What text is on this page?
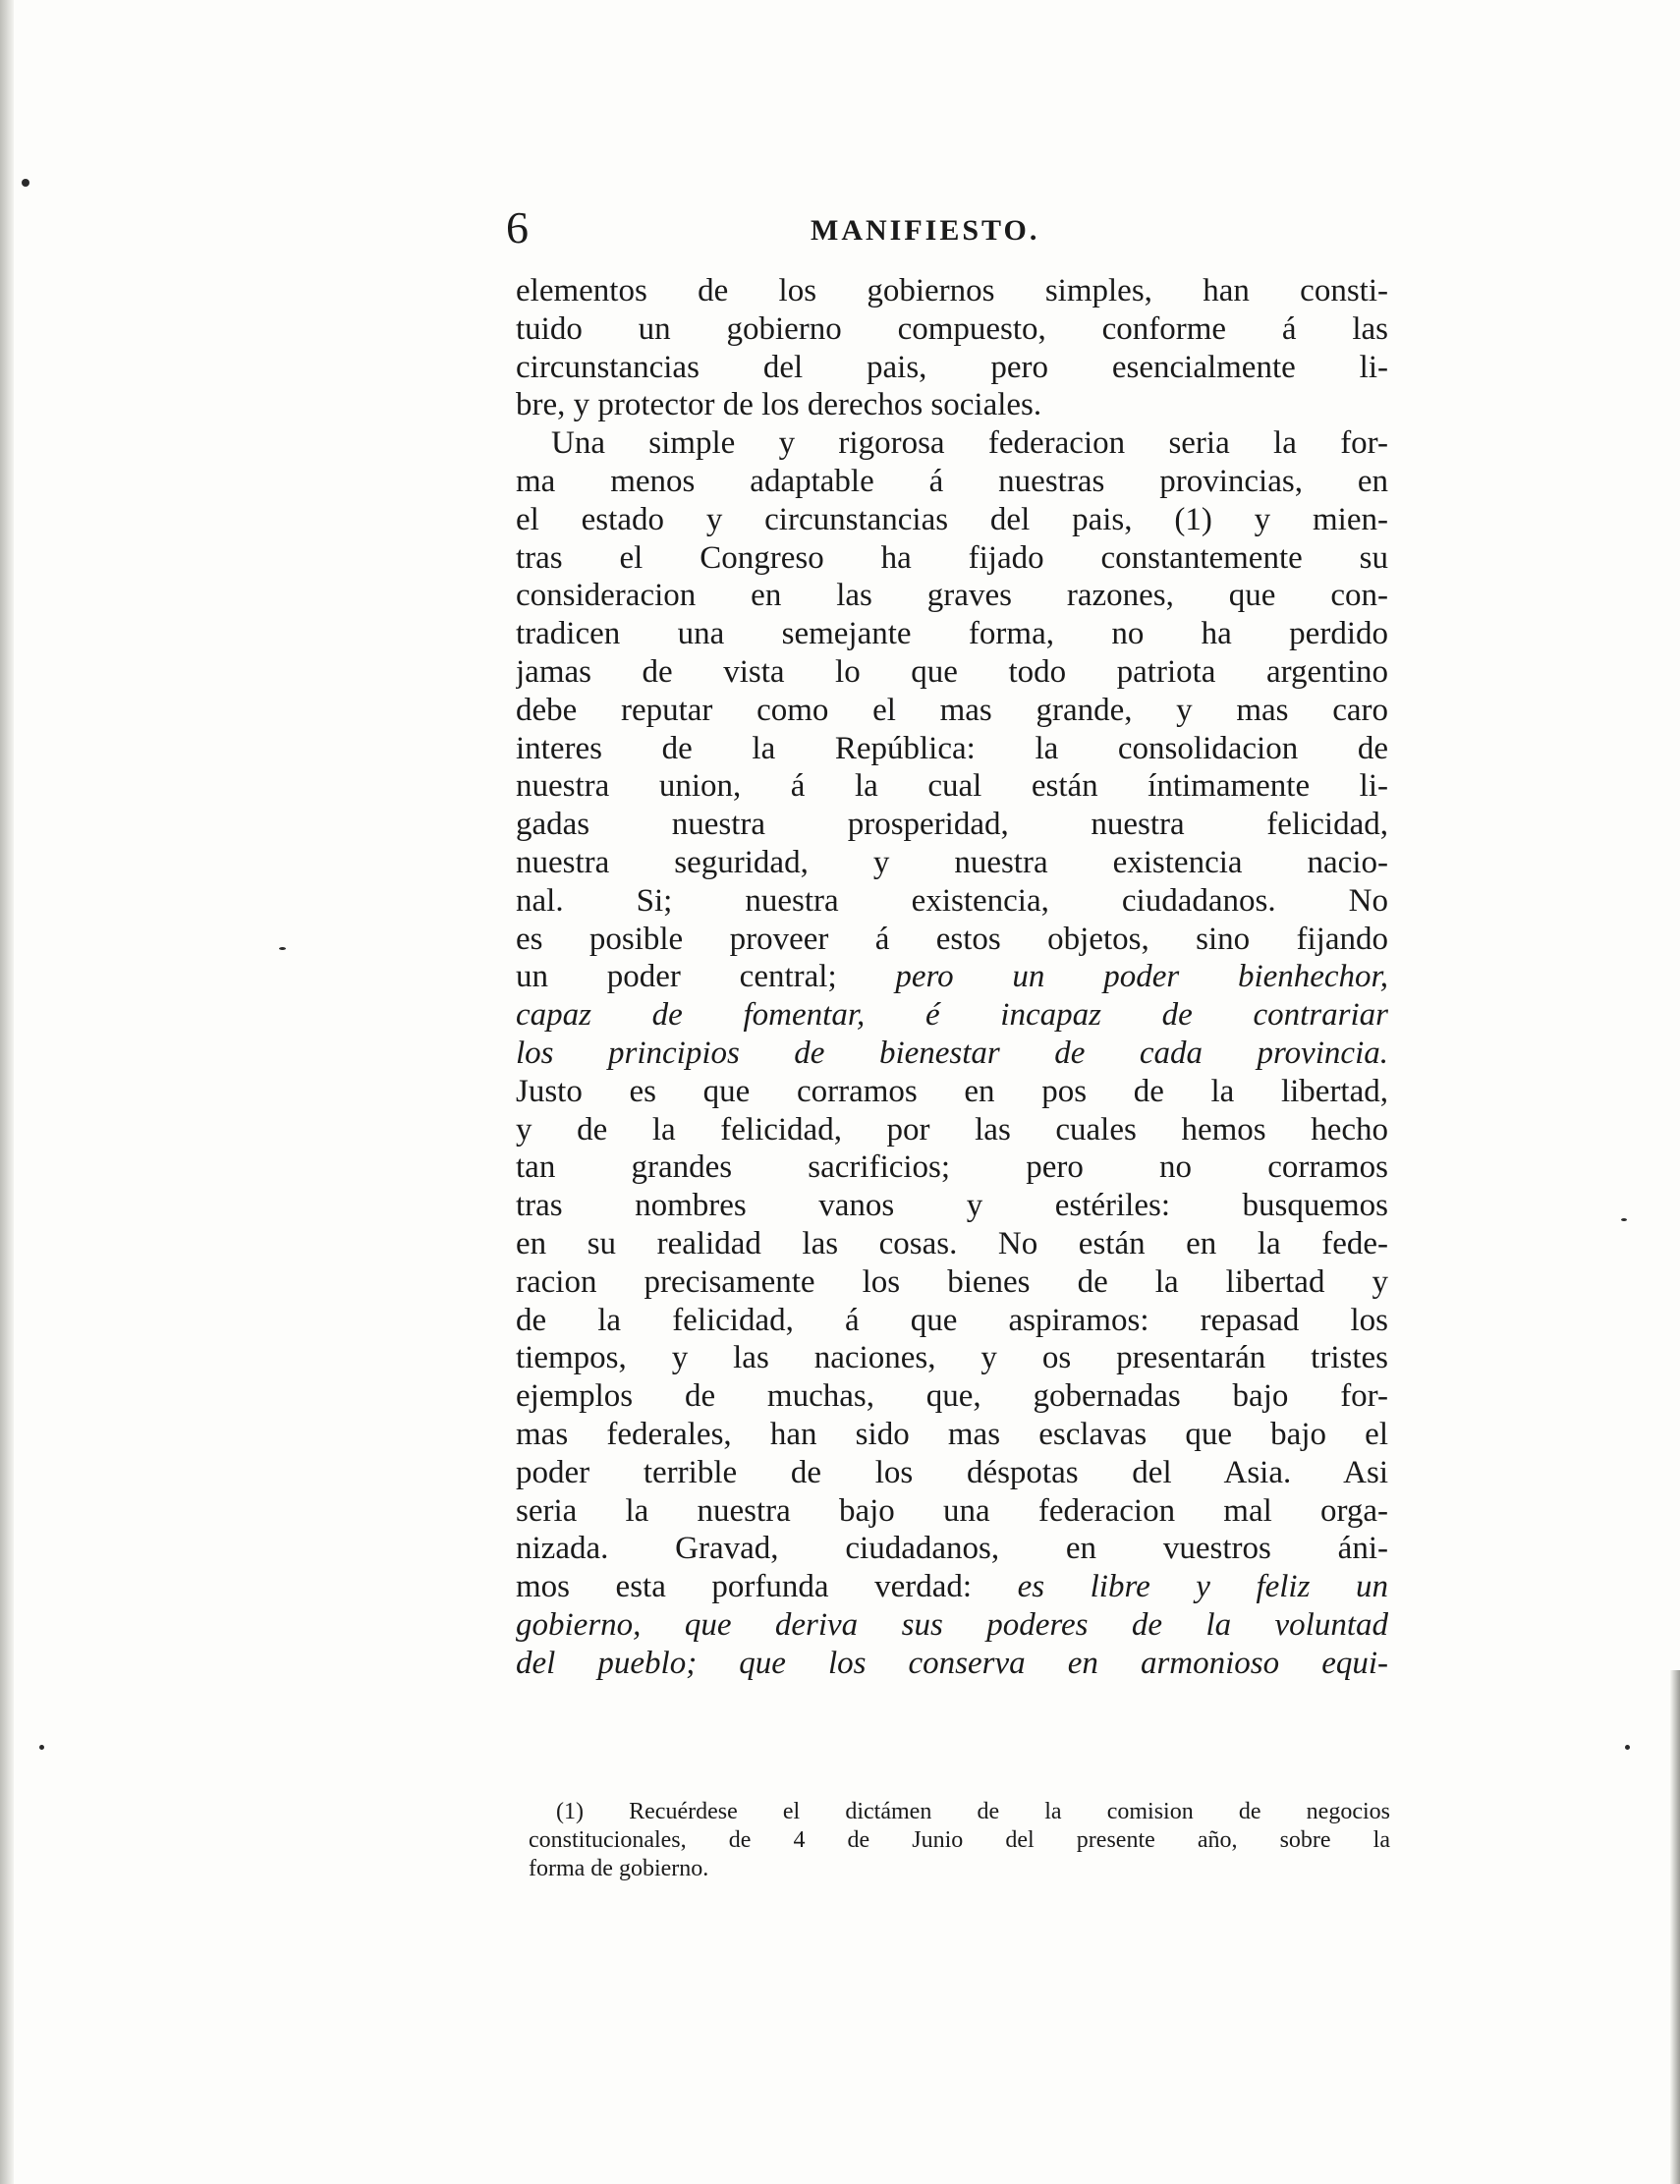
6	MANIFIESTO.
elementos de los gobiernos simples, han consti-
tuido un gobierno compuesto, conforme á las
circunstancias del pais, pero esencialmente li-
bre, y protector de los derechos sociales.
Una simple y rigorosa federacion seria la for-
ma menos adaptable á nuestras provincias, en
el estado y circunstancias del pais, (1) y mien-
tras el Congreso ha fijado constantemente su
consideracion en las graves razones, que con-
tradicen una semejante forma, no ha perdido
jamas de vista lo que todo patriota argentino
debe reputar como el mas grande, y mas caro
interes de la República: la consolidacion de
nuestra union, á la cual están íntimamente li-
gadas nuestra prosperidad, nuestra felicidad,
nuestra seguridad, y nuestra existencia nacio-
nal. Si; nuestra existencia, ciudadanos. No
es posible proveer á estos objetos, sino fijando
un poder central; pero un poder bienhechor,
capaz de fomentar, é incapaz de contrariar
los principios de bienestar de cada provincia.
Justo es que corramos en pos de la libertad,
y de la felicidad, por las cuales hemos hecho
tan grandes sacrificios; pero no corramos
tras nombres vanos y estériles: busquemos
en su realidad las cosas. No están en la fede-
racion precisamente los bienes de la libertad y
de la felicidad, á que aspiramos: repasad los
tiempos, y las naciones, y os presentarán tristes
ejemplos de muchas, que, gobernadas bajo for-
mas federales, han sido mas esclavas que bajo el
poder terrible de los déspotas del Asia. Asi
seria la nuestra bajo una federacion mal orga-
nizada. Gravad, ciudadanos, en vuestros áni-
mos esta porfunda verdad: es libre y feliz un
gobierno, que deriva sus poderes de la voluntad
del pueblo; que los conserva en armonioso equi-
(1) Recuérdese el dictámen de la comision de negocios
constitucionales, de 4 de Junio del presente año, sobre la
forma de gobierno.
